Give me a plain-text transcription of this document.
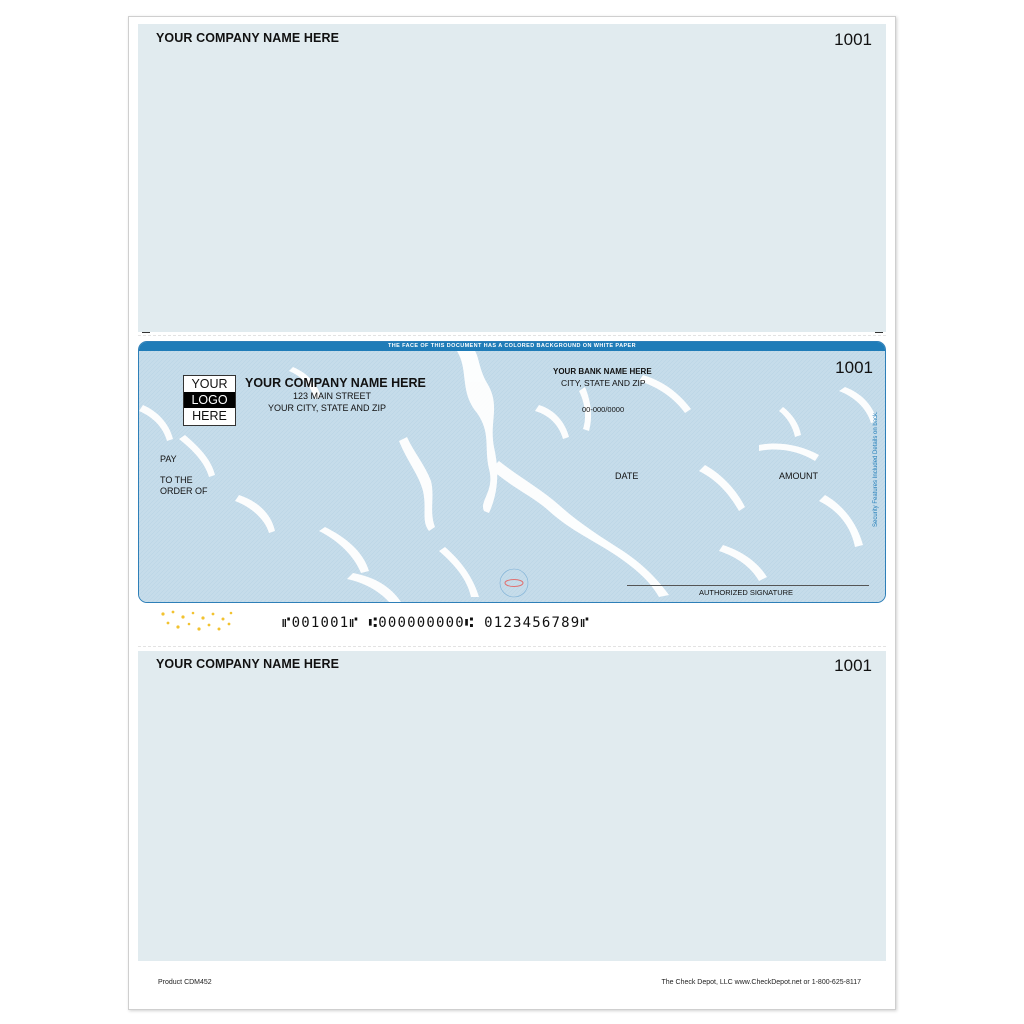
YOUR COMPANY NAME HERE	1001
THE FACE OF THIS DOCUMENT HAS A COLORED BACKGROUND ON WHITE PAPER
YOUR
LOGO
HERE
YOUR COMPANY NAME HERE
123 MAIN STREET
YOUR CITY, STATE AND ZIP
YOUR BANK NAME HERE
CITY, STATE AND ZIP
00-000/0000
1001
PAY
TO THE
ORDER OF
DATE	AMOUNT
AUTHORIZED SIGNATURE
Security Features Included Details on back.
⑈001001⑈ ⑆000000000⑆ 0123456789⑈
YOUR COMPANY NAME HERE	1001
Product CDM452	The Check Depot, LLC www.CheckDepot.net or 1-800-625-8117
